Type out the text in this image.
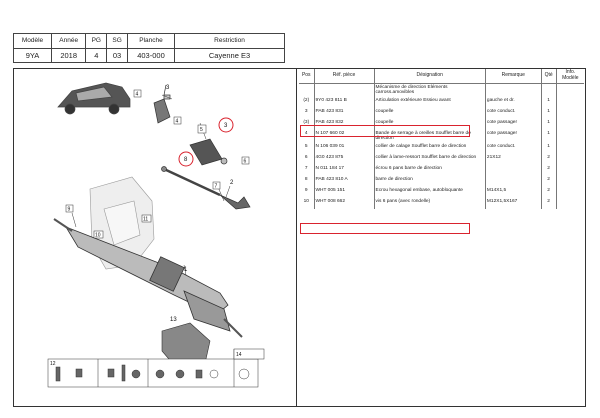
Modèle	Année	PG	SG	Planche	Restriction
9YA	2018	4	03	403-000	Cayenne E3
4
3
4
5
3
6
8
7
2
9
10
11
1
13
12
14
Pos	Réf. pièce	Désignation	Remarque	Qté	Info. Modèle
		Mécanisme de direction Eléments carross.amovibles			
(2)	9Y0 423 811 B	Articulation extérieure Essieu avant	gauche et dr.	1	
3	PAB 423 831	coupelle	cote conduct.	1	
(3)	PAB 423 832	coupelle	cote passager	1	
4	N 107 660 02	Bande de serrage à oreilles Soufflet barre de direction	cote passager	1	
5	N 106 039 01	collier de calage Soufflet barre de direction	cote conduct.	1	
6	4G0 423 875	collier à lame-ressort Soufflet barre de direction	21X12	2	
7	N 011 184 17	écrou 6 pans barre de direction		2	
8	PAB 423 810 A	barre de direction		2	
9	WHT 005 151	Ecrou hexagonal embase, autobloquante	M14X1,5	2	
10	WHT 008 662	vis 6 pans (avec rondelle)	M12X1,5X167	2	
